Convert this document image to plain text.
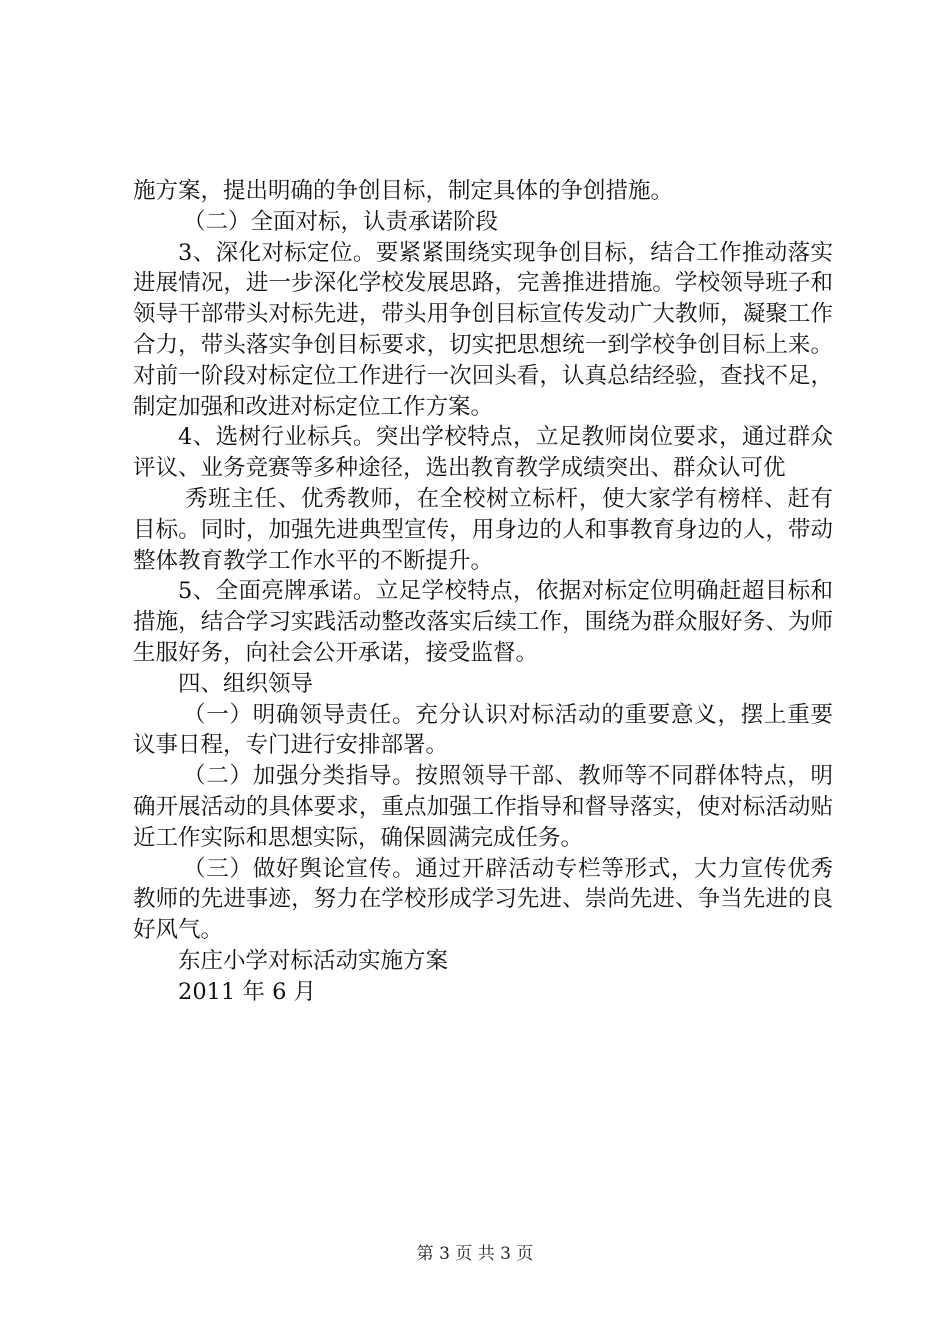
施方案，提出明确的争创目标，制定具体的争创措施。

（二）全面对标，认责承诺阶段

3、深化对标定位。要紧紧围绕实现争创目标，结合工作推动落实进展情况，进一步深化学校发展思路，完善推进措施。学校领导班子和领导干部带头对标先进，带头用争创目标宣传发动广大教师，凝聚工作合力，带头落实争创目标要求，切实把思想统一到学校争创目标上来。对前一阶段对标定位工作进行一次回头看，认真总结经验，查找不足，制定加强和改进对标定位工作方案。

4、选树行业标兵。突出学校特点，立足教师岗位要求，通过群众评议、业务竞赛等多种途径，选出教育教学成绩突出、群众认可优

秀班主任、优秀教师，在全校树立标杆，使大家学有榜样、赶有目标。同时，加强先进典型宣传，用身边的人和事教育身边的人，带动整体教育教学工作水平的不断提升。

5、全面亮牌承诺。立足学校特点，依据对标定位明确赶超目标和措施，结合学习实践活动整改落实后续工作，围绕为群众服好务、为师生服好务，向社会公开承诺，接受监督。

四、组织领导

（一）明确领导责任。充分认识对标活动的重要意义，摆上重要议事日程，专门进行安排部署。

（二）加强分类指导。按照领导干部、教师等不同群体特点，明确开展活动的具体要求，重点加强工作指导和督导落实，使对标活动贴近工作实际和思想实际，确保圆满完成任务。

（三）做好舆论宣传。通过开辟活动专栏等形式，大力宣传优秀教师的先进事迹，努力在学校形成学习先进、崇尚先进、争当先进的良好风气。

东庄小学对标活动实施方案

2011 年 6 月

第 3 页 共 3 页
